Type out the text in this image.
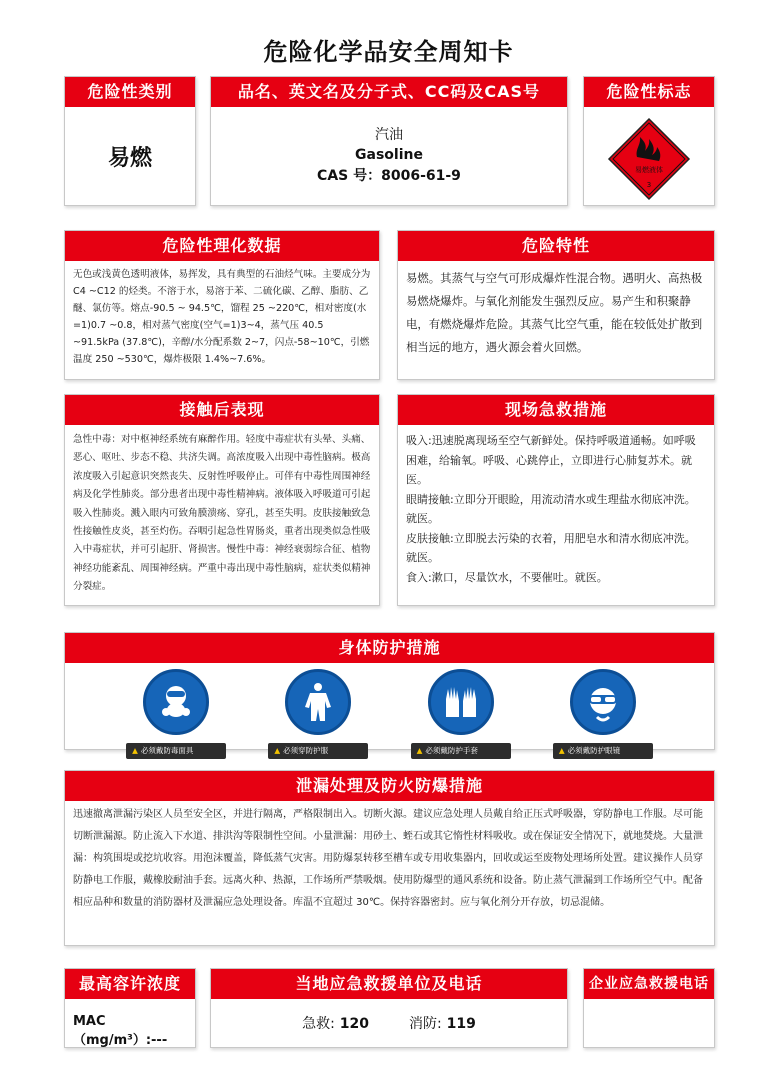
危险化学品安全周知卡
危险性类别
易燃
品名、英文名及分子式、CC码及CAS号
汽油
Gasoline
CAS 号：8006-61-9
危险性标志
易燃液体
3
危险性理化数据
无色或浅黄色透明液体，易挥发，具有典型的石油烃气味。主要成分为 C4 ~C12 的烃类。不溶于水，易溶于苯、二硫化碳、乙醇、脂肪、乙醚、氯仿等。熔点-90.5 ~ 94.5℃，馏程 25 ~220℃，相对密度(水=1)0.7 ~0.8，相对蒸气密度(空气=1)3~4，蒸气压 40.5 ~91.5kPa (37.8℃)，辛醇/水分配系数 2~7，闪点-58~10℃，引燃温度 250 ~530℃，爆炸极限 1.4%~7.6%。
危险特性
易燃。其蒸气与空气可形成爆炸性混合物。遇明火、高热极易燃烧爆炸。与氧化剂能发生强烈反应。易产生和积聚静电，有燃烧爆炸危险。其蒸气比空气重，能在较低处扩散到相当远的地方，遇火源会着火回燃。
接触后表现
急性中毒：对中枢神经系统有麻醉作用。轻度中毒症状有头晕、头痛、恶心、呕吐、步态不稳、共济失调。高浓度吸入出现中毒性脑病。极高浓度吸入引起意识突然丧失、反射性呼吸停止。可伴有中毒性周围神经病及化学性肺炎。部分患者出现中毒性精神病。液体吸入呼吸道可引起吸入性肺炎。溅入眼内可致角膜溃疡、穿孔，甚至失明。皮肤接触致急性接触性皮炎，甚至灼伤。吞咽引起急性胃肠炎，重者出现类似急性吸入中毒症状，并可引起肝、肾损害。慢性中毒：神经衰弱综合征、植物神经功能紊乱、周围神经病。严重中毒出现中毒性脑病，症状类似精神分裂症。
现场急救措施
吸入:迅速脱离现场至空气新鲜处。保持呼吸道通畅。如呼吸困难，给输氧。呼吸、心跳停止，立即进行心肺复苏术。就医。
眼睛接触:立即分开眼睑，用流动清水或生理盐水彻底冲洗。就医。
皮肤接触:立即脱去污染的衣着，用肥皂水和清水彻底冲洗。就医。
食入:漱口，尽量饮水，不要催吐。就医。
身体防护措施
▲ 必须戴防毒面具	▲ 必须穿防护服	▲ 必须戴防护手套	▲ 必须戴防护眼镜
泄漏处理及防火防爆措施
迅速撤离泄漏污染区人员至安全区，并进行隔离，严格限制出入。切断火源。建议应急处理人员戴自给正压式呼吸器，穿防静电工作服。尽可能切断泄漏源。防止流入下水道、排洪沟等限制性空间。小量泄漏：用砂土、蛭石或其它惰性材料吸收。或在保证安全情况下，就地焚烧。大量泄漏：构筑围堤或挖坑收容。用泡沫覆盖，降低蒸气灾害。用防爆泵转移至槽车或专用收集器内，回收或运至废物处理场所处置。建议操作人员穿防静电工作服，戴橡胶耐油手套。远离火种、热源，工作场所严禁吸烟。使用防爆型的通风系统和设备。防止蒸气泄漏到工作场所空气中。配备相应品种和数量的消防器材及泄漏应急处理设备。库温不宜超过 30℃。保持容器密封。应与氧化剂分开存放，切忌混储。
最高容许浓度
MAC（mg/m³）:---
当地应急救援单位及电话
急救: 120	消防: 119
企业应急救援电话
